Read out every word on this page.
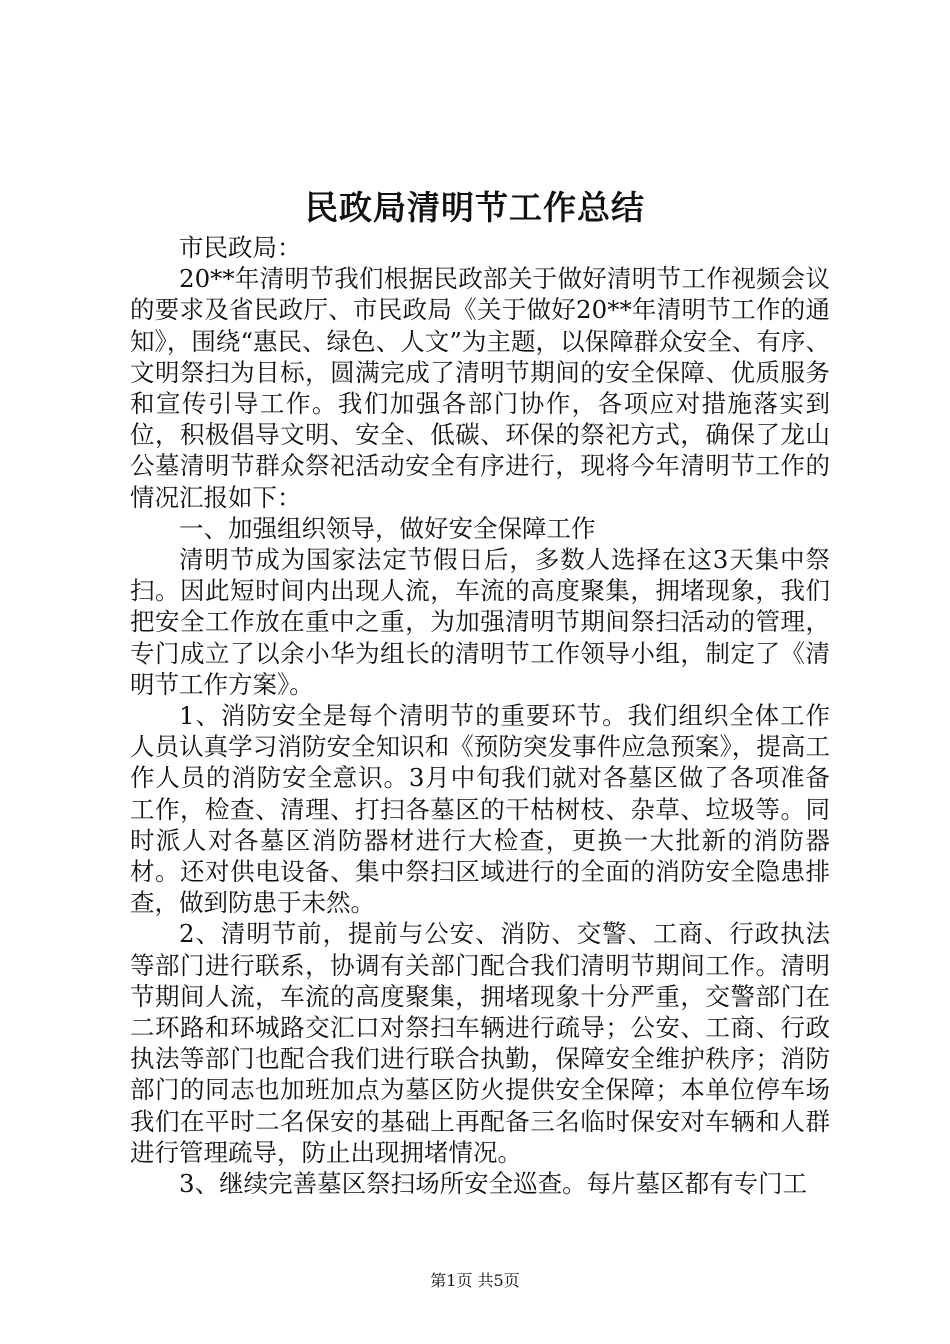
民政局清明节工作总结

市民政局：

20**年清明节我们根据民政部关于做好清明节工作视频会议的要求及省民政厅、市民政局《关于做好20**年清明节工作的通知》，围绕“惠民、绿色、人文”为主题，以保障群众安全、有序、文明祭扫为目标，圆满完成了清明节期间的安全保障、优质服务和宣传引导工作。我们加强各部门协作，各项应对措施落实到位，积极倡导文明、安全、低碳、环保的祭祀方式，确保了龙山公墓清明节群众祭祀活动安全有序进行，现将今年清明节工作的情况汇报如下：

一、加强组织领导，做好安全保障工作

清明节成为国家法定节假日后，多数人选择在这3天集中祭扫。因此短时间内出现人流，车流的高度聚集，拥堵现象，我们把安全工作放在重中之重，为加强清明节期间祭扫活动的管理，专门成立了以余小华为组长的清明节工作领导小组，制定了《清明节工作方案》。

1、消防安全是每个清明节的重要环节。我们组织全体工作人员认真学习消防安全知识和《预防突发事件应急预案》，提高工作人员的消防安全意识。3月中旬我们就对各墓区做了各项准备工作，检查、清理、打扫各墓区的干枯树枝、杂草、垃圾等。同时派人对各墓区消防器材进行大检查，更换一大批新的消防器材。还对供电设备、集中祭扫区域进行的全面的消防安全隐患排查，做到防患于未然。

2、清明节前，提前与公安、消防、交警、工商、行政执法等部门进行联系，协调有关部门配合我们清明节期间工作。清明节期间人流，车流的高度聚集，拥堵现象十分严重，交警部门在二环路和环城路交汇口对祭扫车辆进行疏导；公安、工商、行政执法等部门也配合我们进行联合执勤，保障安全维护秩序；消防部门的同志也加班加点为墓区防火提供安全保障；本单位停车场我们在平时二名保安的基础上再配备三名临时保安对车辆和人群进行管理疏导，防止出现拥堵情况。

3、继续完善墓区祭扫场所安全巡查。每片墓区都有专门工

第1页 共5页
